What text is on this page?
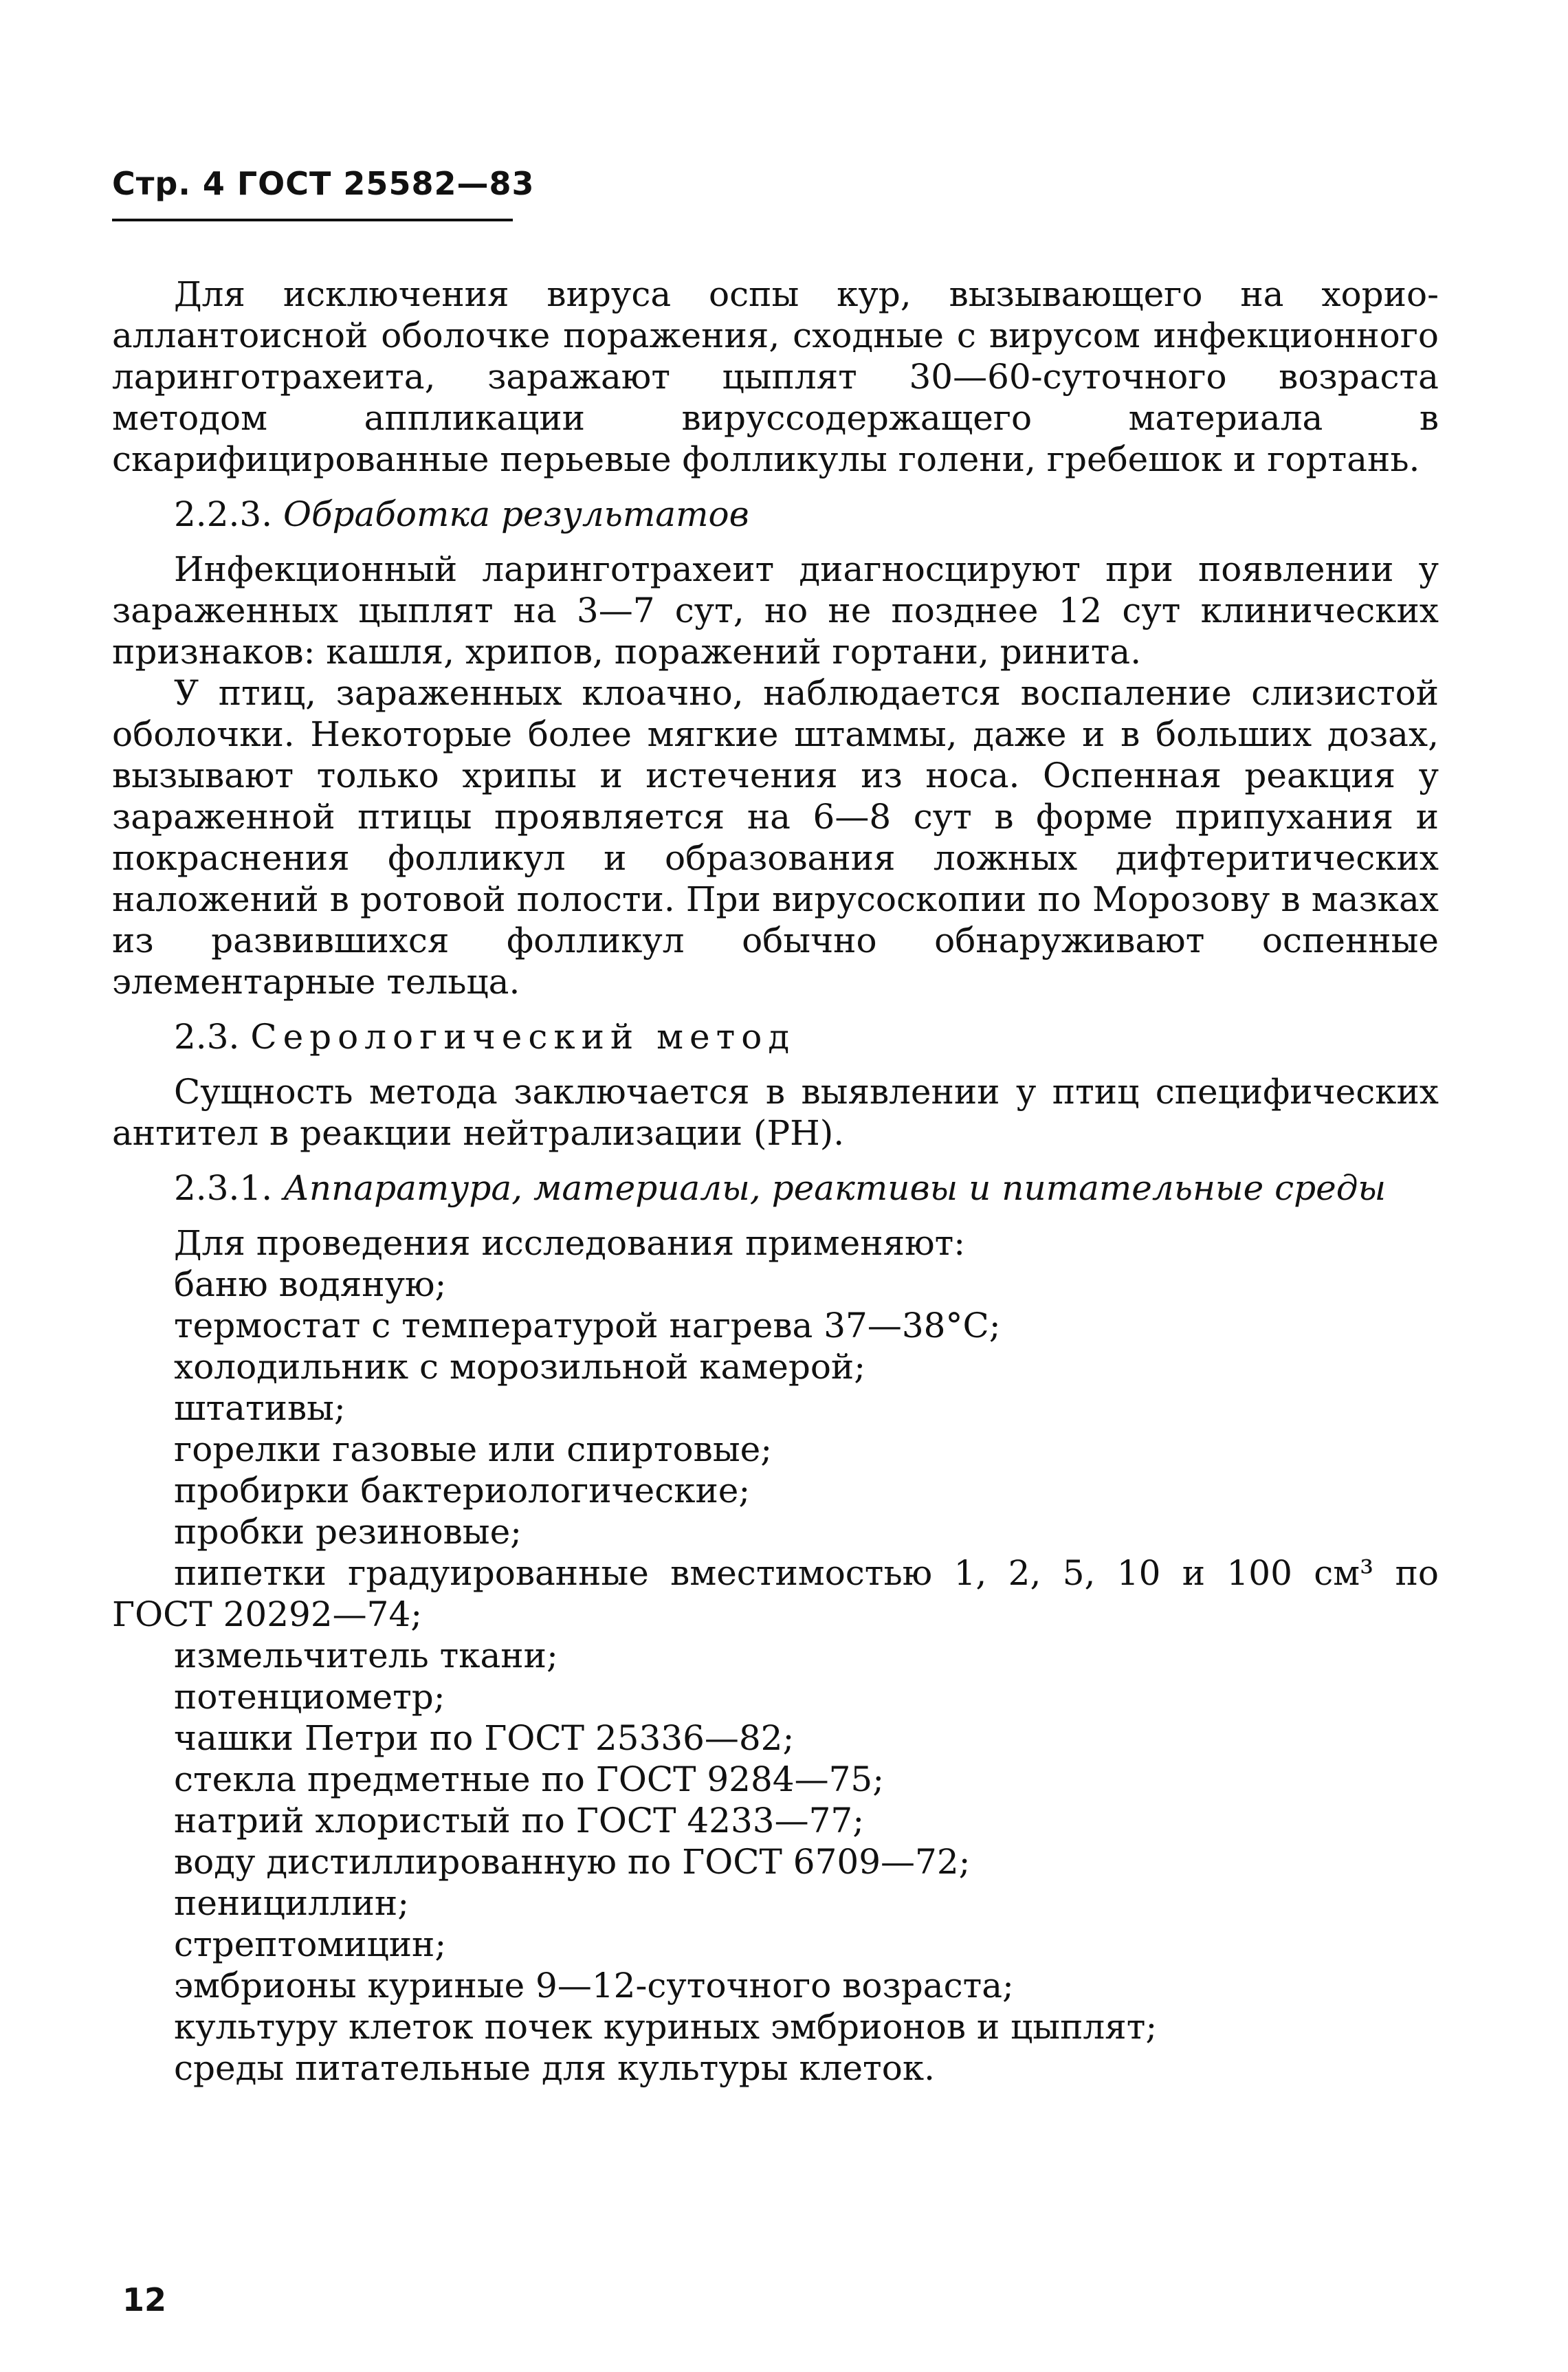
Стр. 4 ГОСТ 25582—83

Для исключения вируса оспы кур, вызывающего на хорио-аллантоисной оболочке поражения, сходные с вирусом инфекционного ларинготрахеита, заражают цыплят 30—60-суточного возраста методом аппликации вируссодержащего материала в скарифицированные перьевые фолликулы голени, гребешок и гортань.

2.2.3. Обработка результатов

Инфекционный ларинготрахеит диагносцируют при появлении у зараженных цыплят на 3—7 сут, но не позднее 12 сут клинических признаков: кашля, хрипов, поражений гортани, ринита.

У птиц, зараженных клоачно, наблюдается воспаление слизистой оболочки. Некоторые более мягкие штаммы, даже и в больших дозах, вызывают только хрипы и истечения из носа. Оспенная реакция у зараженной птицы проявляется на 6—8 сут в форме припухания и покраснения фолликул и образования ложных дифтеритических наложений в ротовой полости. При вирусоскопии по Морозову в мазках из развившихся фолликул обычно обнаруживают оспенные элементарные тельца.

2.3. Серологический метод

Сущность метода заключается в выявлении у птиц специфических антител в реакции нейтрализации (РН).

2.3.1. Аппаратура, материалы, реактивы и питательные среды
Для проведения исследования применяют:
баню водяную;
термостат с температурой нагрева 37—38°С;
холодильник с морозильной камерой;
штативы;
горелки газовые или спиртовые;
пробирки бактериологические;
пробки резиновые;
пипетки градуированные вместимостью 1, 2, 5, 10 и 100 см³ по ГОСТ 20292—74;
измельчитель ткани;
потенциометр;
чашки Петри по ГОСТ 25336—82;
стекла предметные по ГОСТ 9284—75;
натрий хлористый по ГОСТ 4233—77;
воду дистиллированную по ГОСТ 6709—72;
пенициллин;
стрептомицин;
эмбрионы куриные 9—12-суточного возраста;
культуру клеток почек куриных эмбрионов и цыплят;
среды питательные для культуры клеток.
12
